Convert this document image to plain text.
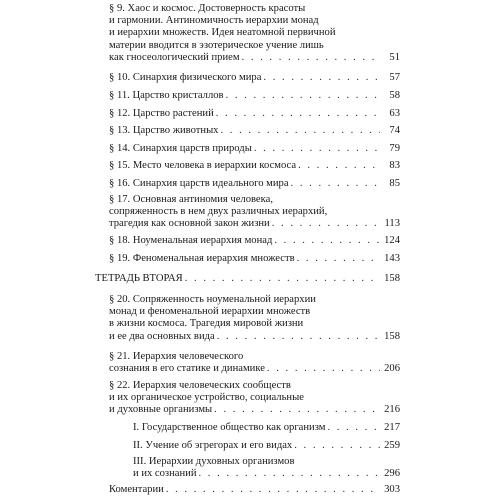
§ 9. Хаос и космос. Достоверность красоты
и гармонии. Антиномичность иерархии монад
и иерархии множеств. Идея неатомной первичной
материи вводится в эзотерическое учение лишь
как гносеологический прием . . .	51
§ 10. Синархия физического мира . . .	57
§ 11. Царство кристаллов . . .	58
§ 12. Царство растений . . .	63
§ 13. Царство животных . . .	74
§ 14. Синархия царств природы . . .	79
§ 15. Место человека в иерархии космоса . . .	83
§ 16. Синархия царств идеального мира . . .	85
§ 17. Основная антиномия человека,
сопряженность в нем двух различных иерархий,
трагедия как основной закон жизни . . .	113
§ 18. Ноуменальная иерархия монад . . .	124
§ 19. Феноменальная иерархия множеств . . .	143
ТЕТРАДЬ ВТОРАЯ . . .	158
§ 20. Сопряженность ноуменальной иерархии
монад и феноменальной иерархии множеств
в жизни космоса. Трагедия мировой жизни
и ее два основных вида . . .	158
§ 21. Иерархия человеческого
сознания в его статике и динамике . . .	206
§ 22. Иерархия человеческих сообществ
и их органическое устройство, социальные
и духовные организмы . . .	216
I. Государственное общество как организм . . .	217
II. Учение об эгрегорах и его видах . . .	259
III. Иерархии духовных организмов
и их сознаний . . .	296
Коментарии . . .	303
